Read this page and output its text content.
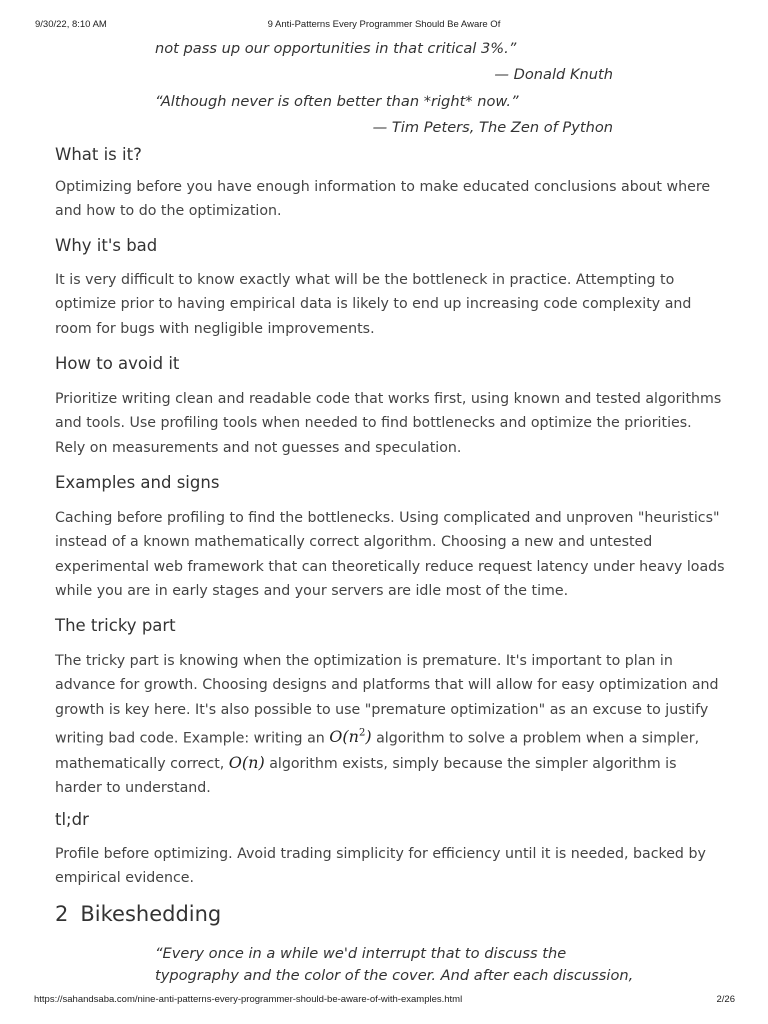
9/30/22, 8:10 AM	9 Anti-Patterns Every Programmer Should Be Aware Of
not pass up our opportunities in that critical 3%.”
— Donald Knuth
“Although never is often better than *right* now.”
— Tim Peters, The Zen of Python
What is it?
Optimizing before you have enough information to make educated conclusions about where
and how to do the optimization.
Why it's bad
It is very difficult to know exactly what will be the bottleneck in practice. Attempting to
optimize prior to having empirical data is likely to end up increasing code complexity and
room for bugs with negligible improvements.
How to avoid it
Prioritize writing clean and readable code that works first, using known and tested algorithms
and tools. Use profiling tools when needed to find bottlenecks and optimize the priorities.
Rely on measurements and not guesses and speculation.
Examples and signs
Caching before profiling to find the bottlenecks. Using complicated and unproven "heuristics"
instead of a known mathematically correct algorithm. Choosing a new and untested
experimental web framework that can theoretically reduce request latency under heavy loads
while you are in early stages and your servers are idle most of the time.
The tricky part
The tricky part is knowing when the optimization is premature. It's important to plan in
advance for growth. Choosing designs and platforms that will allow for easy optimization and
growth is key here. It's also possible to use "premature optimization" as an excuse to justify
writing bad code. Example: writing an $O(n^2)$ algorithm to solve a problem when a simpler,
mathematically correct, O(n) algorithm exists, simply because the simpler algorithm is
harder to understand.
tl;dr
Profile before optimizing. Avoid trading simplicity for efficiency until it is needed, backed by
empirical evidence.
2 Bikeshedding
“Every once in a while we'd interrupt that to discuss the
typography and the color of the cover. And after each discussion,
https://sahandsaba.com/nine-anti-patterns-every-programmer-should-be-aware-of-with-examples.html	2/26
